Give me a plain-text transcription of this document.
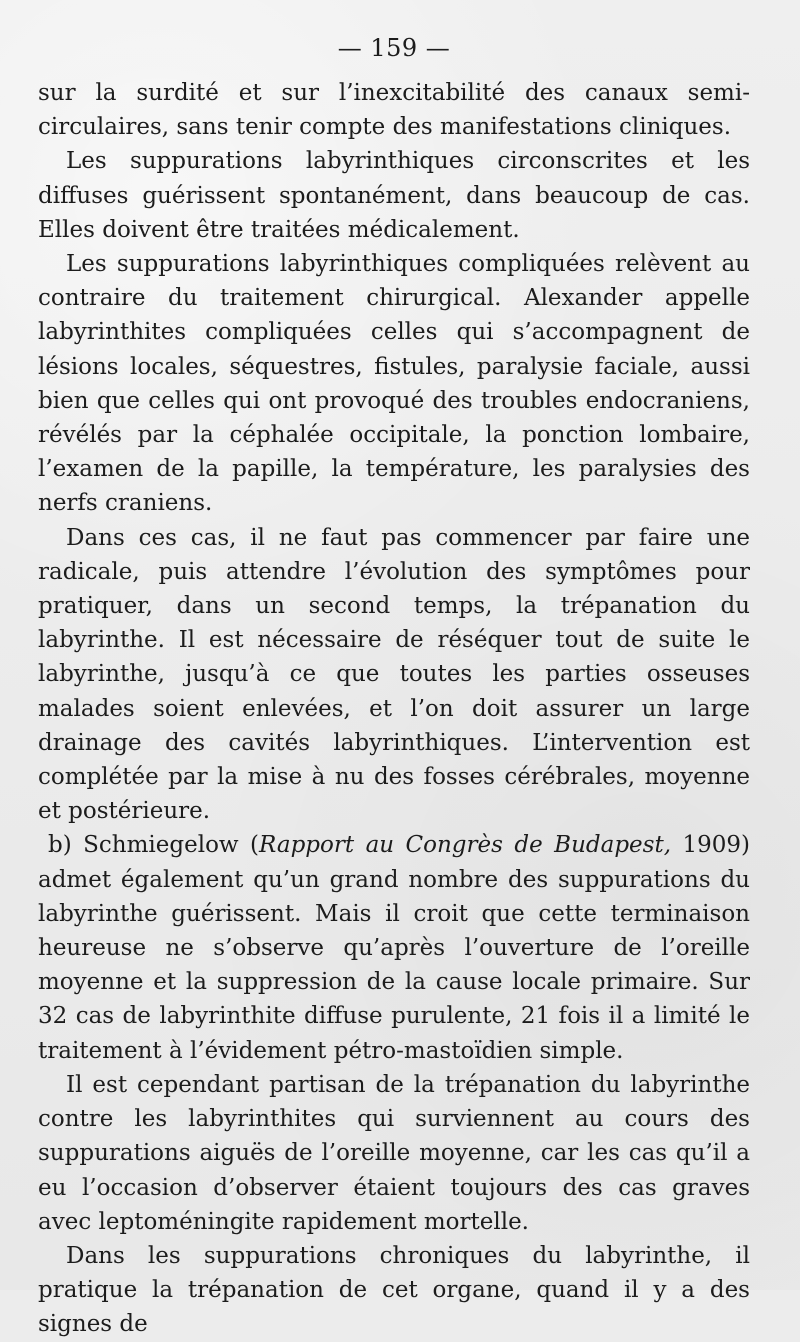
— 159 —

sur la surdité et sur l’inexcitabilité des canaux semi-circulaires, sans tenir compte des manifestations cliniques.

Les suppurations labyrinthiques circonscrites et les diffuses guérissent spontanément, dans beaucoup de cas. Elles doivent être traitées médicalement.

Les suppurations labyrinthiques compliquées relèvent au contraire du traitement chirurgical. Alexander appelle labyrinthites compliquées celles qui s’accompagnent de lésions locales, séquestres, fistules, paralysie faciale, aussi bien que celles qui ont provoqué des troubles endocraniens, révélés par la céphalée occipitale, la ponction lombaire, l’examen de la papille, la température, les paralysies des nerfs craniens.

Dans ces cas, il ne faut pas commencer par faire une radicale, puis attendre l’évolution des symptômes pour pratiquer, dans un second temps, la trépanation du labyrinthe. Il est nécessaire de réséquer tout de suite le labyrinthe, jusqu’à ce que toutes les parties osseuses malades soient enlevées, et l’on doit assurer un large drainage des cavités labyrinthiques. L’intervention est complétée par la mise à nu des fosses cérébrales, moyenne et postérieure.

b) Schmiegelow (Rapport au Congrès de Budapest, 1909) admet également qu’un grand nombre des suppurations du labyrinthe guérissent. Mais il croit que cette terminaison heureuse ne s’observe qu’après l’ouverture de l’oreille moyenne et la suppression de la cause locale primaire. Sur 32 cas de labyrinthite diffuse purulente, 21 fois il a limité le traitement à l’évidement pétro-mastoïdien simple.

Il est cependant partisan de la trépanation du labyrinthe contre les labyrinthites qui surviennent au cours des suppurations aiguës de l’oreille moyenne, car les cas qu’il a eu l’occasion d’observer étaient toujours des cas graves avec leptoméningite rapidement mortelle.

Dans les suppurations chroniques du labyrinthe, il pratique la trépanation de cet organe, quand il y a des signes de
